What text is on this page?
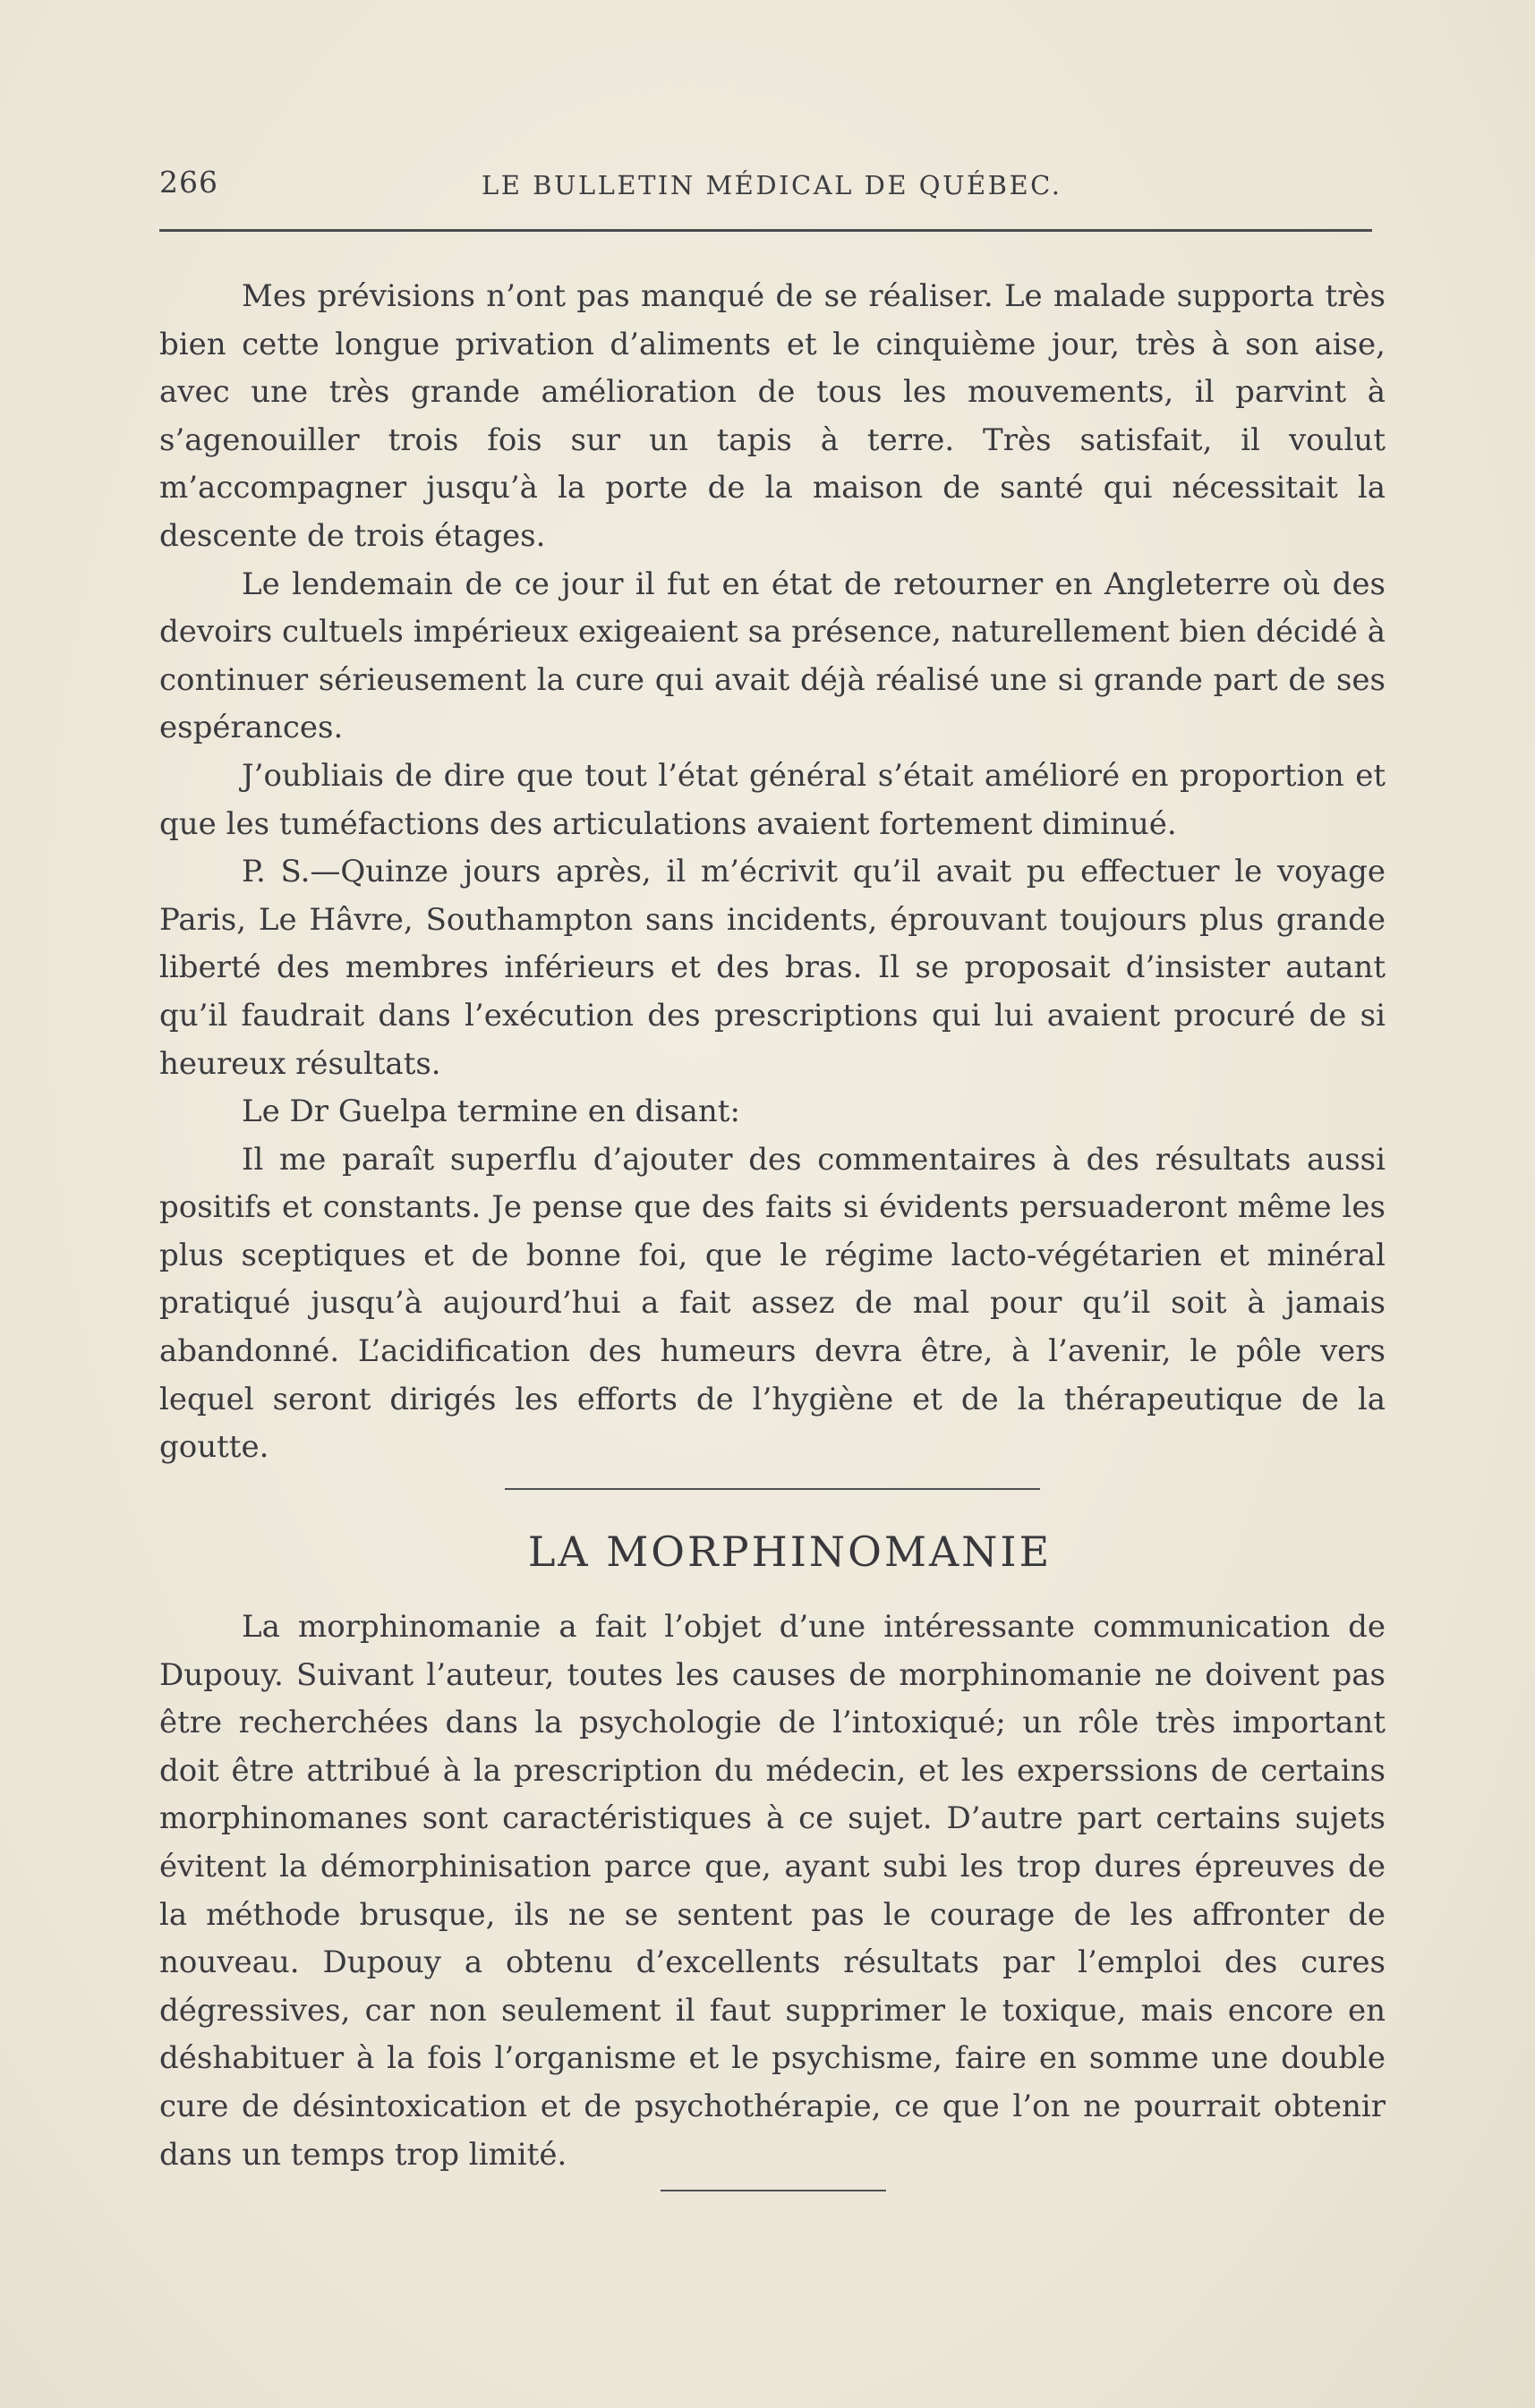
266	LE BULLETIN MÉDICAL DE QUÉBEC.

Mes prévisions n’ont pas manqué de se réaliser. Le malade supporta très bien cette longue privation d’aliments et le cinquième jour, très à son aise, avec une très grande amélioration de tous les mouvements, il parvint à s’agenouiller trois fois sur un tapis à terre. Très satisfait, il voulut m’accompagner jusqu’à la porte de la maison de santé qui nécessitait la descente de trois étages.

Le lendemain de ce jour il fut en état de retourner en Angleterre où des devoirs cultuels impérieux exigeaient sa présence, naturellement bien décidé à continuer sérieusement la cure qui avait déjà réalisé une si grande part de ses espérances.

J’oubliais de dire que tout l’état général s’était amélioré en proportion et que les tuméfactions des articulations avaient fortement diminué.

P. S.—Quinze jours après, il m’écrivit qu’il avait pu effectuer le voyage Paris, Le Hâvre, Southampton sans incidents, éprouvant toujours plus grande liberté des membres inférieurs et des bras. Il se proposait d’insister autant qu’il faudrait dans l’exécution des prescriptions qui lui avaient procuré de si heureux résultats.

Le Dr Guelpa termine en disant:

Il me paraît superflu d’ajouter des commentaires à des résultats aussi positifs et constants. Je pense que des faits si évidents persuaderont même les plus sceptiques et de bonne foi, que le régime lacto-végétarien et minéral pratiqué jusqu’à aujourd’hui a fait assez de mal pour qu’il soit à jamais abandonné. L’acidification des humeurs devra être, à l’avenir, le pôle vers lequel seront dirigés les efforts de l’hygiène et de la thérapeutique de la goutte.

LA MORPHINOMANIE

La morphinomanie a fait l’objet d’une intéressante communication de Dupouy. Suivant l’auteur, toutes les causes de morphinomanie ne doivent pas être recherchées dans la psychologie de l’intoxiqué; un rôle très important doit être attribué à la prescription du médecin, et les experssions de certains morphinomanes sont caractéristiques à ce sujet. D’autre part certains sujets évitent la démorphinisation parce que, ayant subi les trop dures épreuves de la méthode brusque, ils ne se sentent pas le courage de les affronter de nouveau. Dupouy a obtenu d’excellents résultats par l’emploi des cures dégressives, car non seulement il faut supprimer le toxique, mais encore en déshabituer à la fois l’organisme et le psychisme, faire en somme une double cure de désintoxication et de psychothérapie, ce que l’on ne pourrait obtenir dans un temps trop limité.
